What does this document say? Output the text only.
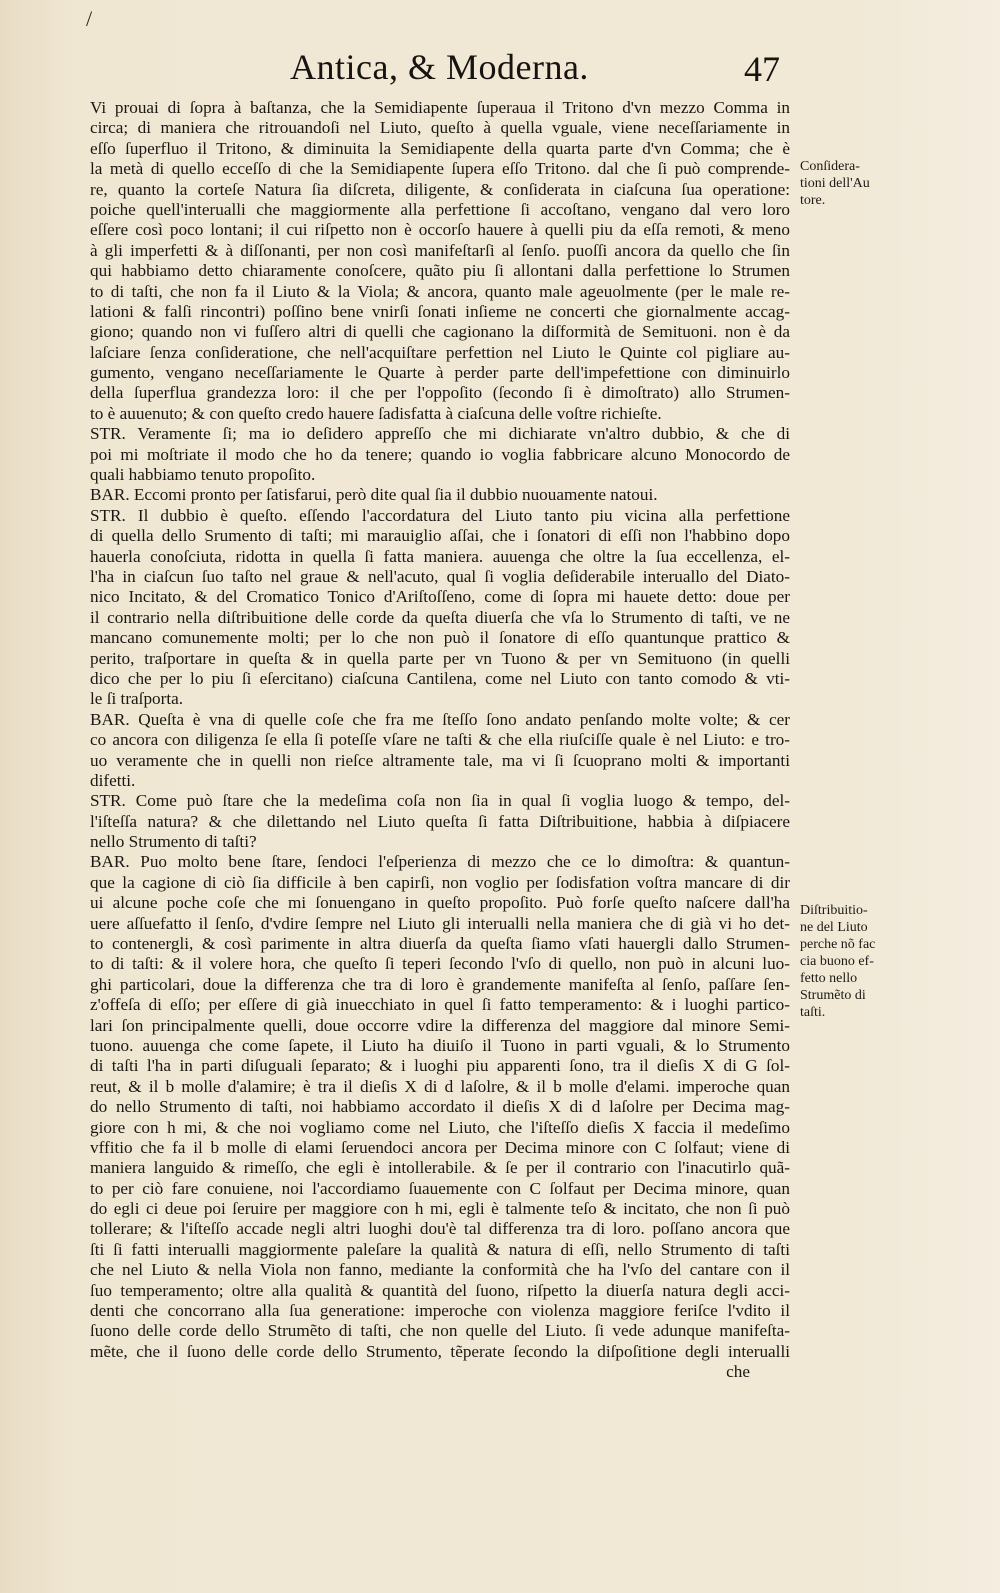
/
Antica, & Moderna.	47
Vi prouai di ſopra à baſtanza, che la Semidiapente ſuperaua il Tritono d'vn mezzo Comma in
circa; di maniera che ritrouandoſi nel Liuto, queſto à quella vguale, viene neceſſariamente in
eſſo ſuperfluo il Tritono, & diminuita la Semidiapente della quarta parte d'vn Comma; che è
la metà di quello ecceſſo di che la Semidiapente ſupera eſſo Tritono. dal che ſi può comprende-
re, quanto la corteſe Natura ſia diſcreta, diligente, & conſiderata in ciaſcuna ſua operatione:
poiche quell'interualli che maggiormente alla perfettione ſi accoſtano, vengano dal vero loro
eſſere così poco lontani; il cui riſpetto non è occorſo hauere à quelli piu da eſſa remoti, & meno
à gli imperfetti & à diſſonanti, per non così manifeſtarſi al ſenſo. puoſſi ancora da quello che ſin
qui habbiamo detto chiaramente conoſcere, quãto piu ſi allontani dalla perfettione lo Strumen
to di taſti, che non fa il Liuto & la Viola; & ancora, quanto male ageuolmente (per le male re-
lationi & falſi rincontri) poſſino bene vnirſi ſonati inſieme ne concerti che giornalmente accag-
giono; quando non vi fuſſero altri di quelli che cagionano la diſformità de Semituoni. non è da
laſciare ſenza conſideratione, che nell'acquiſtare perfettion nel Liuto le Quinte col pigliare au-
gumento, vengano neceſſariamente le Quarte à perder parte dell'impefettione con diminuirlo
della ſuperflua grandezza loro: il che per l'oppoſito (ſecondo ſi è dimoſtrato) allo Strumen-
to è auuenuto; & con queſto credo hauere ſadisfatta à ciaſcuna delle voſtre richieſte.
STR. Veramente ſi; ma io deſidero appreſſo che mi dichiarate vn'altro dubbio, & che di
poi mi moſtriate il modo che ho da tenere; quando io voglia fabbricare alcuno Monocordo de
quali habbiamo tenuto propoſito.
BAR. Eccomi pronto per ſatisfarui, però dite qual ſia il dubbio nuouamente natoui.
STR. Il dubbio è queſto. eſſendo l'accordatura del Liuto tanto piu vicina alla perfettione
di quella dello Srumento di taſti; mi marauiglio aſſai, che i ſonatori di eſſi non l'habbino dopo
hauerla conoſciuta, ridotta in quella ſi fatta maniera. auuenga che oltre la ſua eccellenza, el-
l'ha in ciaſcun ſuo taſto nel graue & nell'acuto, qual ſi voglia deſiderabile interuallo del Diato-
nico Incitato, & del Cromatico Tonico d'Ariſtoſſeno, come di ſopra mi hauete detto: doue per
il contrario nella diſtribuitione delle corde da queſta diuerſa che vſa lo Strumento di taſti, ve ne
mancano comunemente molti; per lo che non può il ſonatore di eſſo quantunque prattico &
perito, traſportare in queſta & in quella parte per vn Tuono & per vn Semituono (in quelli
dico che per lo piu ſi eſercitano) ciaſcuna Cantilena, come nel Liuto con tanto comodo & vti-
le ſi traſporta.
BAR. Queſta è vna di quelle coſe che fra me ſteſſo ſono andato penſando molte volte; & cer
co ancora con diligenza ſe ella ſi poteſſe vſare ne taſti & che ella riuſciſſe quale è nel Liuto: e tro-
uo veramente che in quelli non rieſce altramente tale, ma vi ſi ſcuoprano molti & importanti
difetti.
STR. Come può ſtare che la medeſima coſa non ſia in qual ſi voglia luogo & tempo, del-
l'iſteſſa natura? & che dilettando nel Liuto queſta ſi fatta Diſtribuitione, habbia à diſpiacere
nello Strumento di taſti?
BAR. Puo molto bene ſtare, ſendoci l'eſperienza di mezzo che ce lo dimoſtra: & quantun-
que la cagione di ciò ſia difficile à ben capirſi, non voglio per ſodisfation voſtra mancare di dir
ui alcune poche coſe che mi ſonuengano in queſto propoſito. Può forſe queſto naſcere dall'ha
uere aſſuefatto il ſenſo, d'vdire ſempre nel Liuto gli interualli nella maniera che di già vi ho det-
to contenergli, & così parimente in altra diuerſa da queſta ſiamo vſati hauergli dallo Strumen-
to di taſti: & il volere hora, che queſto ſi teperi ſecondo l'vſo di quello, non può in alcuni luo-
ghi particolari, doue la differenza che tra di loro è grandemente manifeſta al ſenſo, paſſare ſen-
z'offeſa di eſſo; per eſſere di già inuecchiato in quel ſi fatto temperamento: & i luoghi partico-
lari ſon principalmente quelli, doue occorre vdire la differenza del maggiore dal minore Semi-
tuono. auuenga che come ſapete, il Liuto ha diuiſo il Tuono in parti vguali, & lo Strumento
di taſti l'ha in parti diſuguali ſeparato; & i luoghi piu apparenti ſono, tra il dieſis X di G ſol-
reut, & il b molle d'alamire; è tra il dieſis X di d laſolre, & il b molle d'elami. imperoche quan
do nello Strumento di taſti, noi habbiamo accordato il dieſis X di d laſolre per Decima mag-
giore con h mi, & che noi vogliamo come nel Liuto, che l'iſteſſo dieſis X faccia il medeſimo
vffitio che fa il b molle di elami ſeruendoci ancora per Decima minore con C ſolfaut; viene di
maniera languido & rimeſſo, che egli è intollerabile. & ſe per il contrario con l'inacutirlo quã-
to per ciò fare conuiene, noi l'accordiamo ſuauemente con C ſolfaut per Decima minore, quan
do egli ci deue poi ſeruire per maggiore con h mi, egli è talmente teſo & incitato, che non ſi può
tollerare; & l'iſteſſo accade negli altri luoghi dou'è tal differenza tra di loro. poſſano ancora que
ſti ſi fatti interualli maggiormente paleſare la qualità & natura di eſſi, nello Strumento di taſti
che nel Liuto & nella Viola non fanno, mediante la conformità che ha l'vſo del cantare con il
ſuo temperamento; oltre alla qualità & quantità del ſuono, riſpetto la diuerſa natura degli acci-
denti che concorrano alla ſua generatione: imperoche con violenza maggiore feriſce l'vdito il
ſuono delle corde dello Strumẽto di taſti, che non quelle del Liuto. ſi vede adunque manifeſta-
mẽte, che il ſuono delle corde dello Strumento, tẽperate ſecondo la diſpoſitione degli interualli
che
Conſidera-
tioni dell'Au
tore.
Diſtribuitio-
ne del Liuto
perche nõ fac
cia buono ef-
fetto nello
Strumẽto di
taſti.
